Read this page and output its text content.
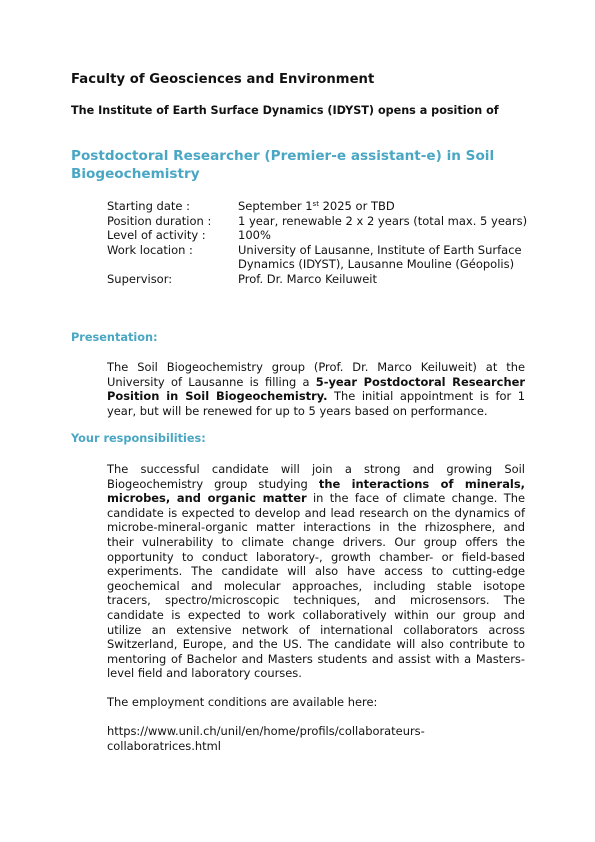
Faculty of Geosciences and Environment
The Institute of Earth Surface Dynamics (IDYST) opens a position of
Postdoctoral Researcher (Premier-e assistant-e) in Soil Biogeochemistry
Starting date :	September 1st 2025 or TBD
Position duration :	1 year, renewable 2 x 2 years (total max. 5 years)
Level of activity :	100%
Work location :	University of Lausanne, Institute of Earth Surface Dynamics (IDYST), Lausanne Mouline (Géopolis)
Supervisor:	Prof. Dr. Marco Keiluweit
Presentation:

The Soil Biogeochemistry group (Prof. Dr. Marco Keiluweit) at the University of Lausanne is filling a 5-year Postdoctoral Researcher Position in Soil Biogeochemistry. The initial appointment is for 1 year, but will be renewed for up to 5 years based on performance.

Your responsibilities:

The successful candidate will join a strong and growing Soil Biogeochemistry group studying the interactions of minerals, microbes, and organic matter in the face of climate change. The candidate is expected to develop and lead research on the dynamics of microbe-mineral-organic matter interactions in the rhizosphere, and their vulnerability to climate change drivers. Our group offers the opportunity to conduct laboratory-, growth chamber- or field-based experiments. The candidate will also have access to cutting-edge geochemical and molecular approaches, including stable isotope tracers, spectro/microscopic techniques, and microsensors. The candidate is expected to work collaboratively within our group and utilize an extensive network of international collaborators across Switzerland, Europe, and the US. The candidate will also contribute to mentoring of Bachelor and Masters students and assist with a Masters-level field and laboratory courses.

The employment conditions are available here:

https://www.unil.ch/unil/en/home/profils/collaborateurs-
collaboratrices.html
